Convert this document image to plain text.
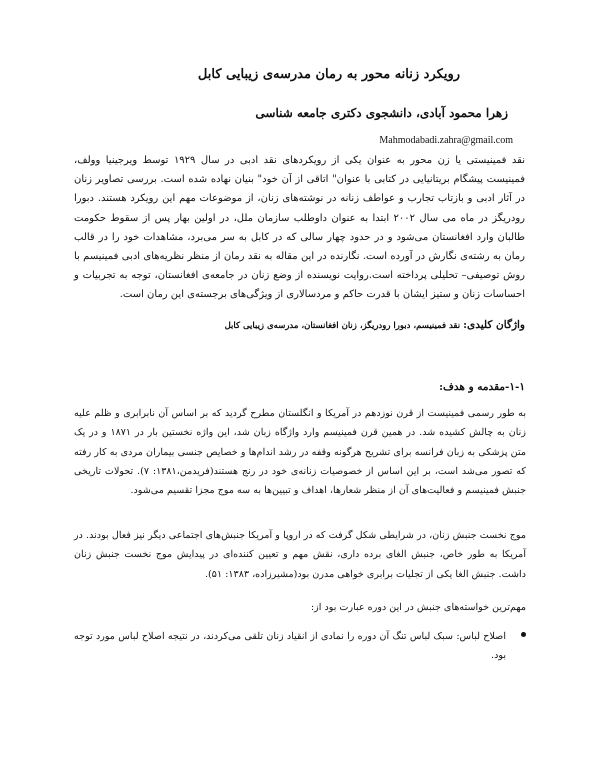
رویکرد زنانه محور به رمان مدرسه‌ی زیبایی کابل
زهرا محمود آبادی، دانشجوی دکتری جامعه شناسی
Mahmodabadi.zahra@gmail.com
نقد فمینیستی یا زن محور به عنوان یکی از رویکردهای نقد ادبی در سال ۱۹۲۹ توسط ویرجینیا وولف، فمینیست پیشگام بریتانیایی در کتابی با عنوان" اتاقی از آن خود" بنیان نهاده شده است. بررسی تصاویر زنان در آثار ادبی و بازتاب تجارب و عواطف زنانه در نوشته‌های زنان، از موضوعات مهم این رویکرد هستند. دبورا رودریگز در ماه می سال ۲۰۰۲ ابتدا به عنوان داوطلب سازمان ملل، در اولین بهار پس از سقوط حکومت طالبان وارد افغانستان می‌شود و در حدود چهار سالی که در کابل به سر می‌برد، مشاهدات خود را در قالب رمان به رشته‌ی نگارش در آورده است. نگارنده در این مقاله به نقد رمان از منظر نظریه‌های ادبی فمینیسم با روش توصیفی– تحلیلی پرداخته است.روایت نویسنده از وضع زنان در جامعه‌ی افغانستان، توجه به تجربیات و احساسات زنان و ستیز ایشان با قدرت حاکم و مردسالاری از ویژگی‌های برجسته‌ی این رمان است.
واژگان کلیدی: نقد فمینیسم، دبورا رودریگز، زنان افغانستان، مدرسه‌ی زیبایی کابل
۱-۱-مقدمه و هدف:
به طور رسمی فمینیست از قرن نوزدهم در آمریکا و انگلستان مطرح گردید که بر اساس آن نابرابری و ظلم علیه زنان به چالش کشیده شد. در همین قرن فمینیسم وارد واژگاه زبان شد، این واژه نخستین بار در ۱۸۷۱ و در یک متن پزشکی به زبان فرانسه برای تشریح هرگونه وقفه در رشد اندام‌ها و خصایص جنسی بیماران مردی به کار رفته که تصور می‌شد است، بر این اساس از خصوصیات زنانه‌ی خود در رنج هستند(فریدمن،۱۳۸۱: ۷). تحولات تاریخی جنبش فمینیسم و فعالیت‌های آن از منظر شعارها، اهداف و تبیین‌ها به سه موج مجزا تقسیم می‌شود.
موج نخست جنبش زنان، در شرایطی شکل گرفت که در اروپا و آمریکا جنبش‌های اجتماعی دیگر نیز فعال بودند. در آمریکا به طور خاص، جنبش الغای برده داری، نقش مهم و تعیین کننده‌ای در پیدایش موج نخست جنبش زنان داشت. جنبش الغا یکی از تجلیات برابری خواهی مدرن بود(مشیرزاده، ۱۳۸۳: ۵۱).
مهم‌ترین خواسته‌های جنبش در این دوره عبارت بود از:
اصلاح لباس: سبک لباس تنگ آن دوره را نمادی از انقیاد زنان تلقی می‌کردند، در نتیجه اصلاح لباس مورد توجه بود.
